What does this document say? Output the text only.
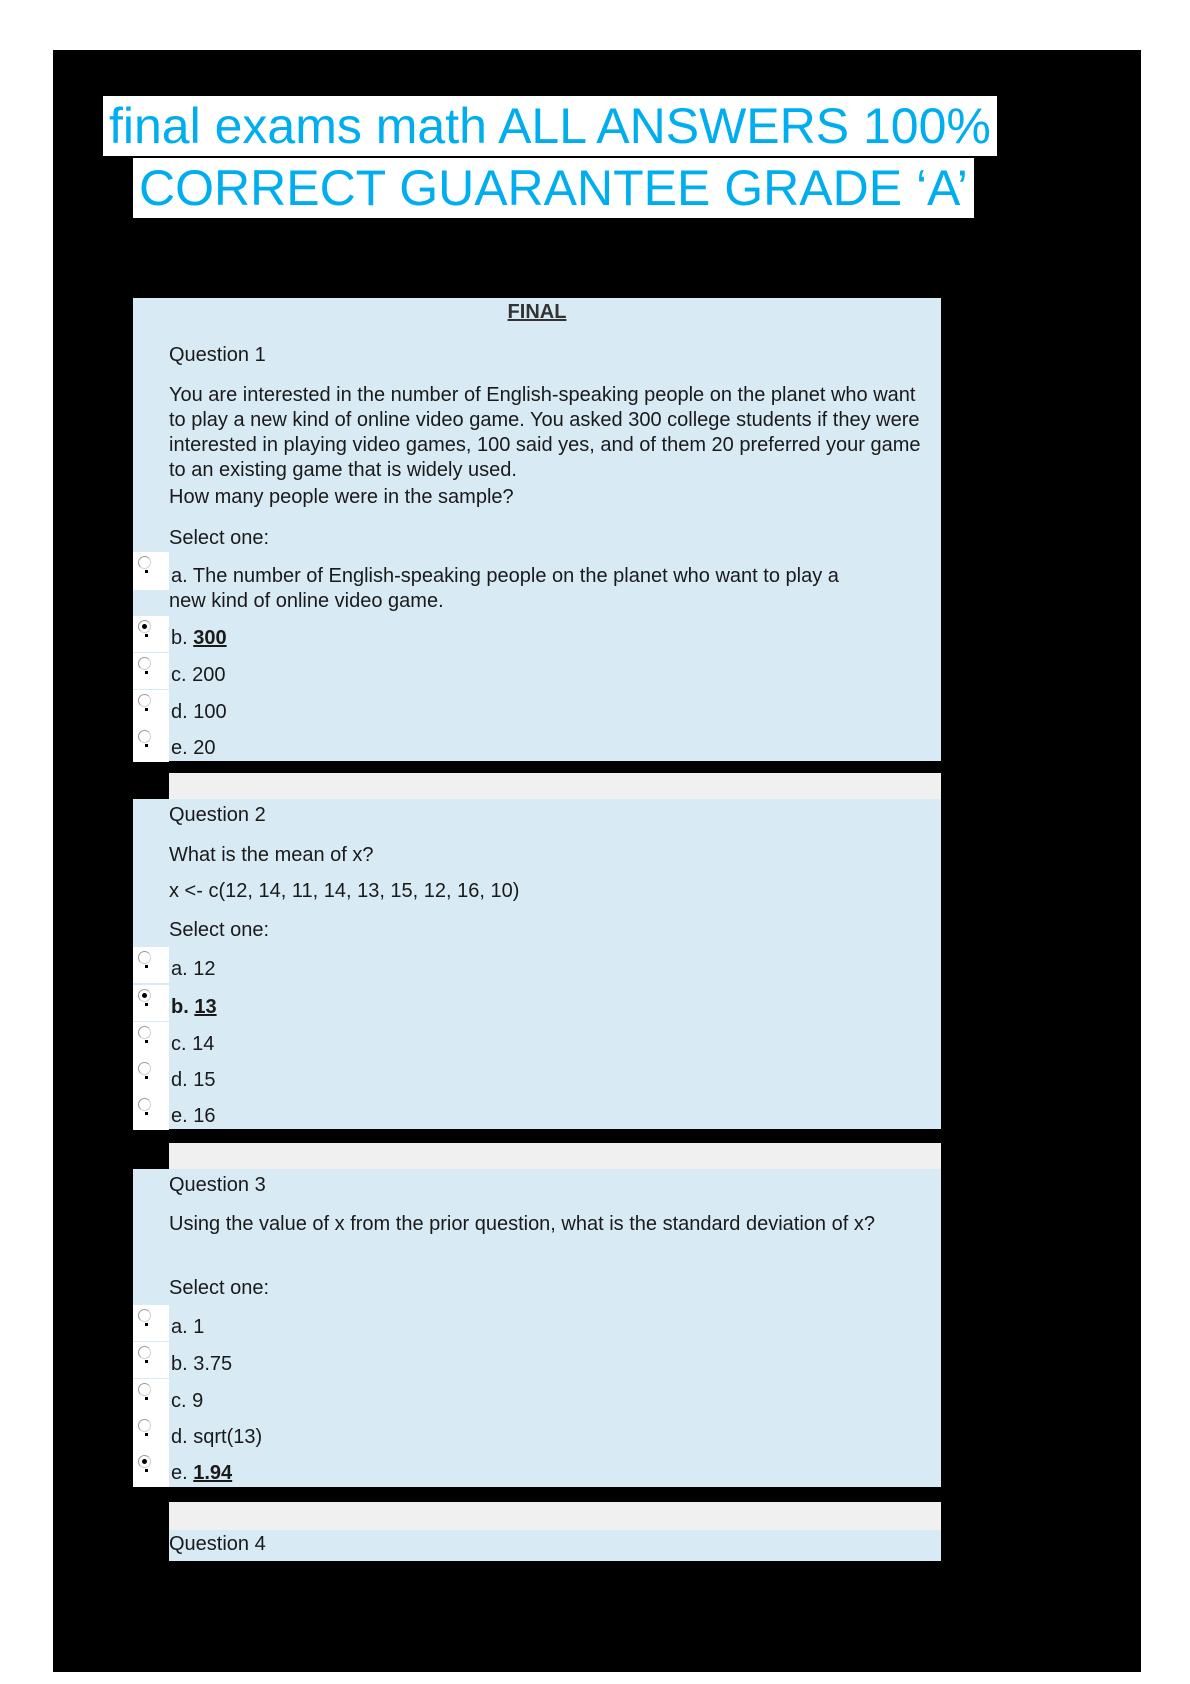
final exams math ALL ANSWERS 100%
CORRECT GUARANTEE GRADE ‘A’
FINAL
Question 1
You are interested in the number of English-speaking people on the planet who want to play a new kind of online video game. You asked 300 college students if they were interested in playing video games, 100 said yes, and of them 20 preferred your game to an existing game that is widely used.
How many people were in the sample?
Select one:
a. The number of English-speaking people on the planet who want to play a
new kind of online video game.
b. 300
c. 200
d. 100
e. 20
Question 2
What is the mean of x?
x <- c(12, 14, 11, 14, 13, 15, 12, 16, 10)
Select one:
a. 12
b. 13
c. 14
d. 15
e. 16
Question 3
Using the value of x from the prior question, what is the standard deviation of x?
Select one:
a. 1
b. 3.75
c. 9
d. sqrt(13)
e. 1.94
Question 4
